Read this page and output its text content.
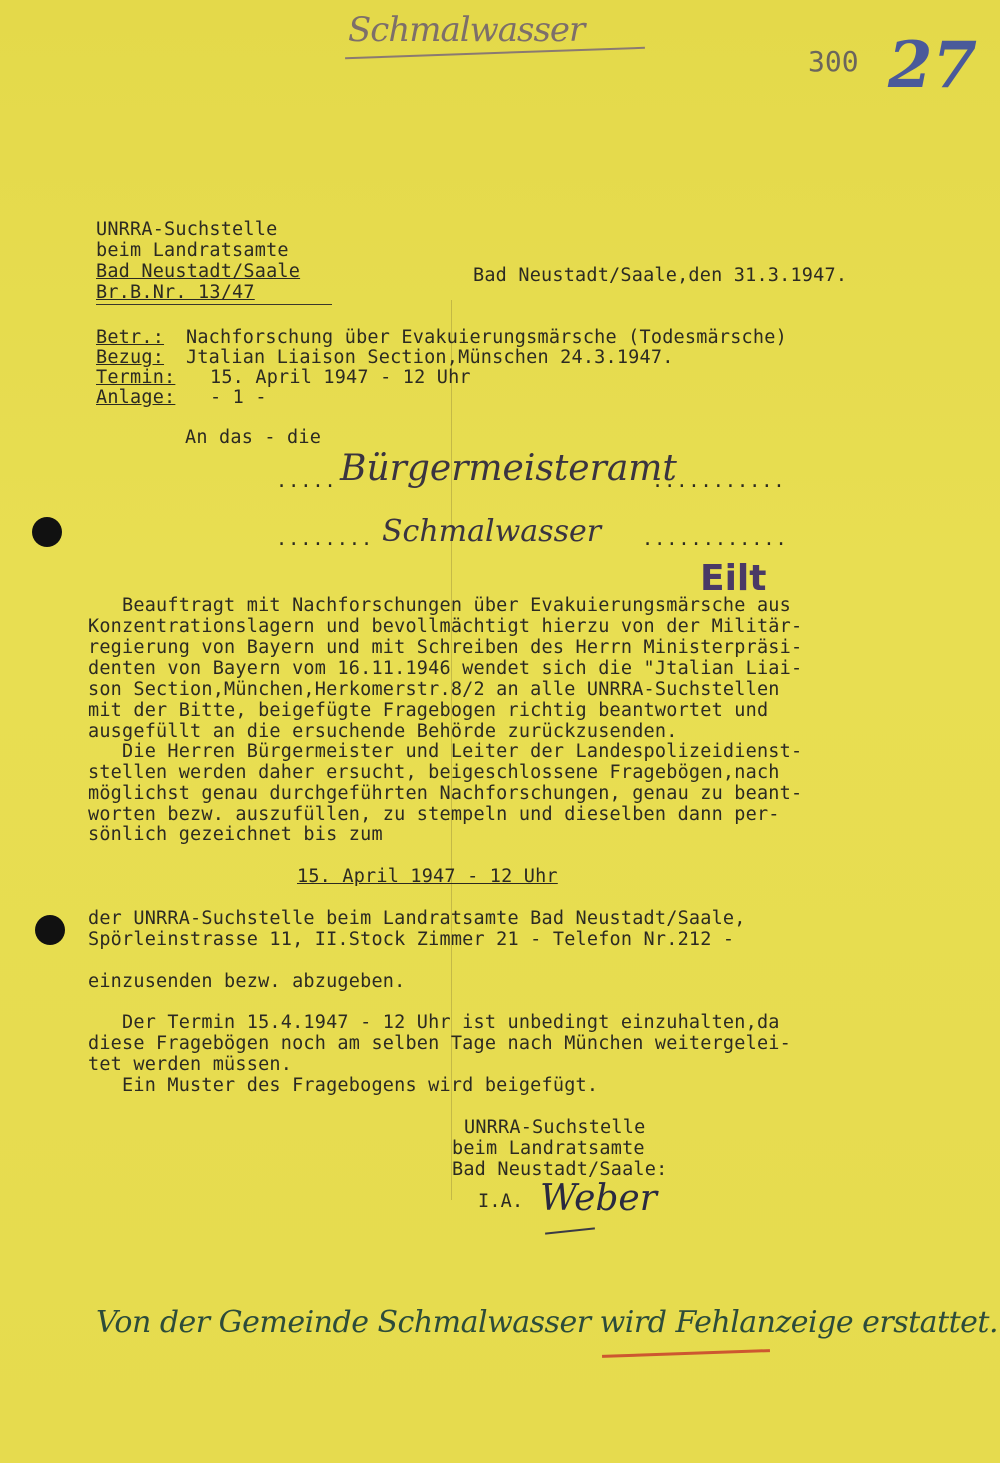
Schmalwasser
300 27
UNRRA-Suchstelle
beim Landratsamte
Bad Neustadt/Saale
Br.B.Nr. 13/47
Bad Neustadt/Saale,den 31.3.1947.
Betr.: Nachforschung über Evakuierungsmärsche (Todesmärsche)
Bezug: Jtalian Liaison Section,Münschen 24.3.1947.
Termin: 15. April 1947 - 12 Uhr
Anlage: - 1 -
An das - die
..... Bürgermeisteramt
...........
........ Schmalwasser ............
Eilt
Beauftragt mit Nachforschungen über Evakuierungsmärsche aus
Konzentrationslagern und bevollmächtigt hierzu von der Militär-
regierung von Bayern und mit Schreiben des Herrn Ministerpräsi-
denten von Bayern vom 16.11.1946 wendet sich die "Jtalian Liai-
son Section,München,Herkomerstr.8/2 an alle UNRRA-Suchstellen
mit der Bitte, beigefügte Fragebogen richtig beantwortet und
ausgefüllt an die ersuchende Behörde zurückzusenden.
Die Herren Bürgermeister und Leiter der Landespolizeidienst-
stellen werden daher ersucht, beigeschlossene Fragebögen,nach
möglichst genau durchgeführten Nachforschungen, genau zu beant-
worten bezw. auszufüllen, zu stempeln und dieselben dann per-
sönlich gezeichnet bis zum
15. April 1947 - 12 Uhr
der UNRRA-Suchstelle beim Landratsamte Bad Neustadt/Saale,
Spörleinstrasse 11, II.Stock Zimmer 21 - Telefon Nr.212 -
einzusenden bezw. abzugeben.
Der Termin 15.4.1947 - 12 Uhr ist unbedingt einzuhalten,da
diese Fragebögen noch am selben Tage nach München weitergelei-
tet werden müssen.
Ein Muster des Fragebogens wird beigefügt.
UNRRA-Suchstelle
beim Landratsamte
Bad Neustadt/Saale:
I.A. Weber
Von der Gemeinde Schmalwasser wird Fehlanzeige erstattet.
